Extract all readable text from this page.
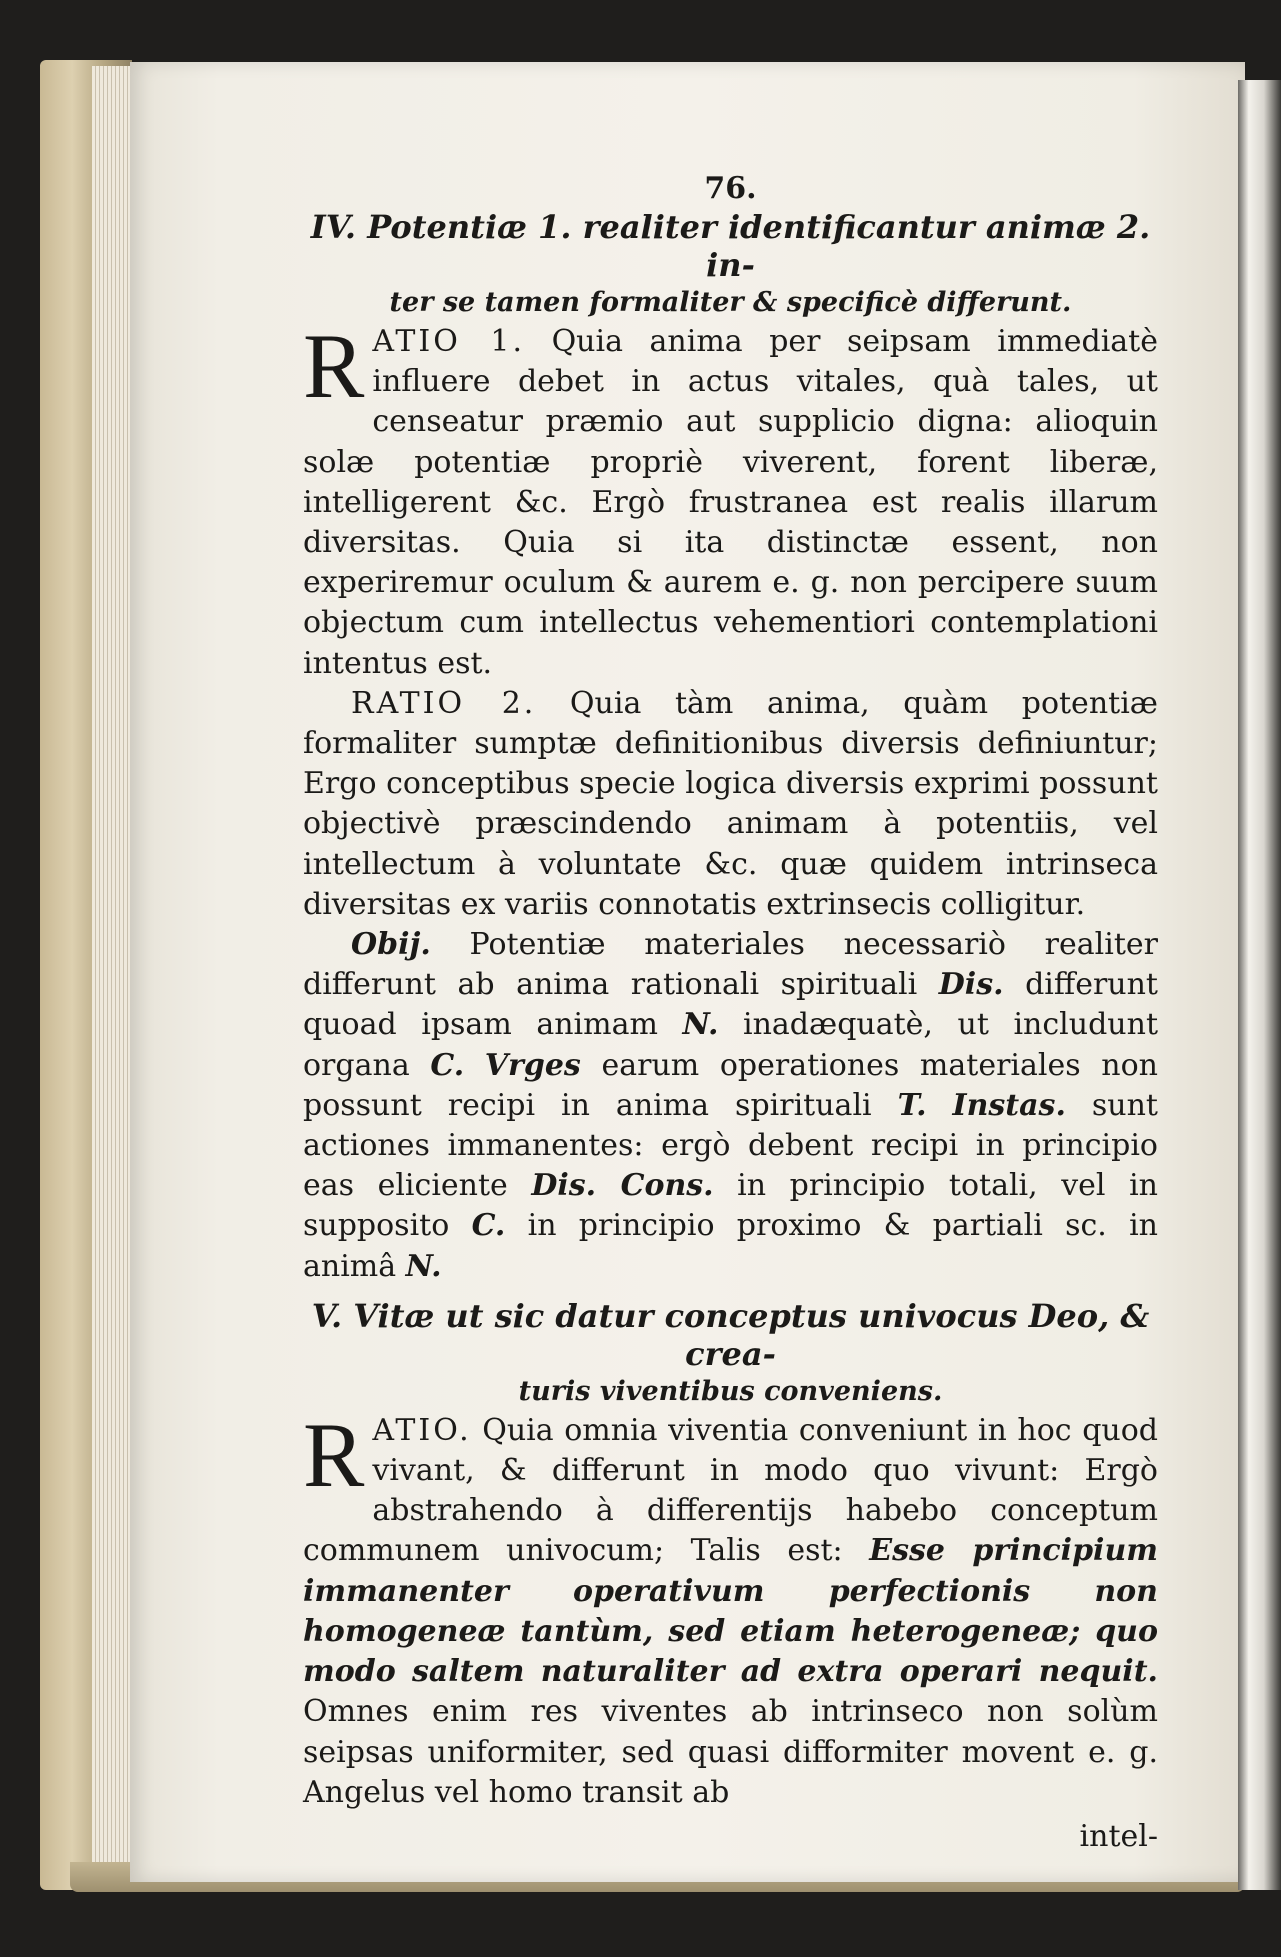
76.
IV. Potentiæ 1. realiter identificantur animæ 2. in-
ter se tamen formaliter & specificè differunt.

RATIO 1. Quia anima per seipsam immediatè influere debet in actus vitales, quà tales, ut censeatur præmio aut supplicio digna: alioquin solæ potentiæ propriè viverent, forent liberæ, intelligerent &c. Ergò frustranea est realis illarum diversitas. Quia si ita distinctæ essent, non experiremur oculum & aurem e. g. non percipere suum objectum cum intellectus vehementiori contemplationi intentus est.

RATIO 2. Quia tàm anima, quàm potentiæ formaliter sumptæ definitionibus diversis definiuntur; Ergo conceptibus specie logica diversis exprimi possunt objectivè præscindendo animam à potentiis, vel intellectum à voluntate &c. quæ quidem intrinseca diversitas ex variis connotatis extrinsecis colligitur.

Obij. Potentiæ materiales necessariò realiter differunt ab anima rationali spirituali Dis. differunt quoad ipsam animam N. inadæquatè, ut includunt organa C. Vrges earum operationes materiales non possunt recipi in anima spirituali T. Instas. sunt actiones immanentes: ergò debent recipi in principio eas eliciente Dis. Cons. in principio totali, vel in supposito C. in principio proximo & partiali sc. in animâ N.

V. Vitæ ut sic datur conceptus univocus Deo, & crea-
turis viventibus conveniens.

RATIO. Quia omnia viventia conveniunt in hoc quod vivant, & differunt in modo quo vivunt: Ergò abstrahendo à differentijs habebo conceptum communem univocum; Talis est: Esse principium immanenter operativum perfectionis non homogeneæ tantùm, sed etiam heterogeneæ; quo modo saltem naturaliter ad extra operari nequit. Omnes enim res viventes ab intrinseco non solùm seipsas uniformiter, sed quasi difformiter movent e. g. Angelus vel homo transit ab

intel-
